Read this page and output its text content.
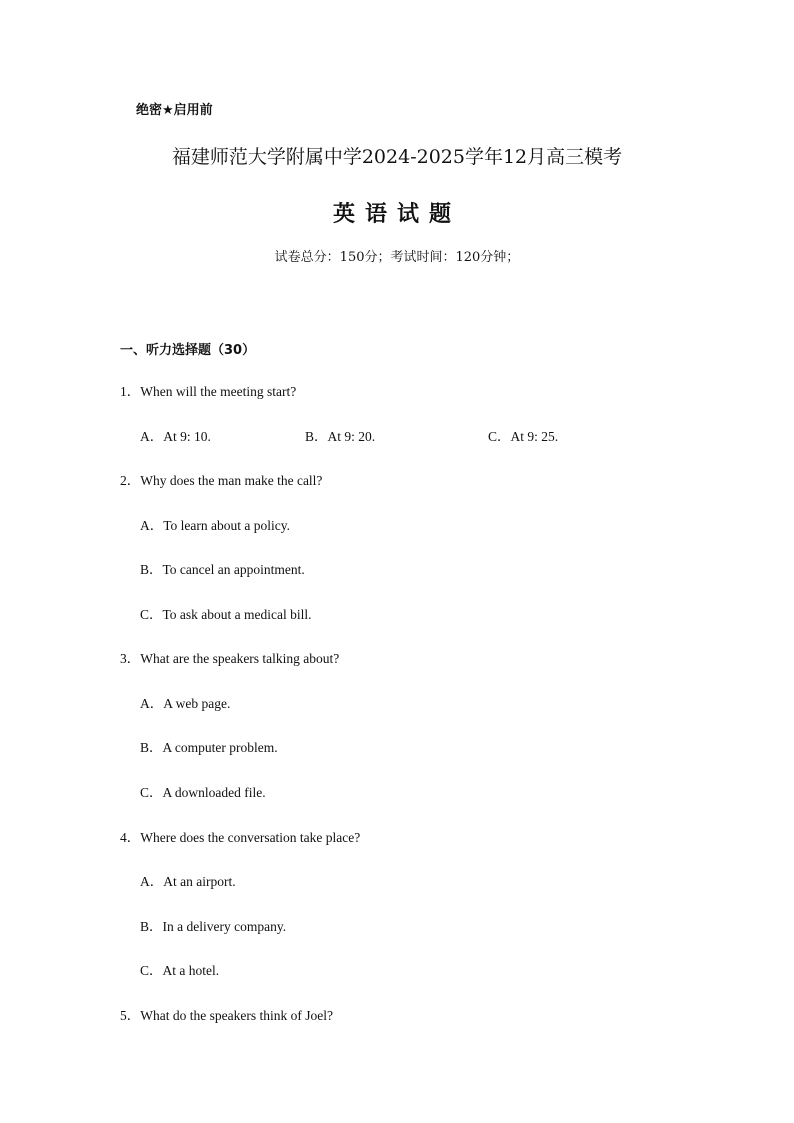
绝密★启用前
福建师范大学附属中学2024-2025学年12月高三模考
英语试题
试卷总分：150分；考试时间：120分钟；
一、听力选择题（30）
1．When will the meeting start?
A．At 9: 10.	B．At 9: 20.	C．At 9: 25.
2．Why does the man make the call?
A．To learn about a policy.
B．To cancel an appointment.
C．To ask about a medical bill.
3．What are the speakers talking about?
A．A web page.
B．A computer problem.
C．A downloaded file.
4．Where does the conversation take place?
A．At an airport.
B．In a delivery company.
C．At a hotel.
5．What do the speakers think of Joel?
